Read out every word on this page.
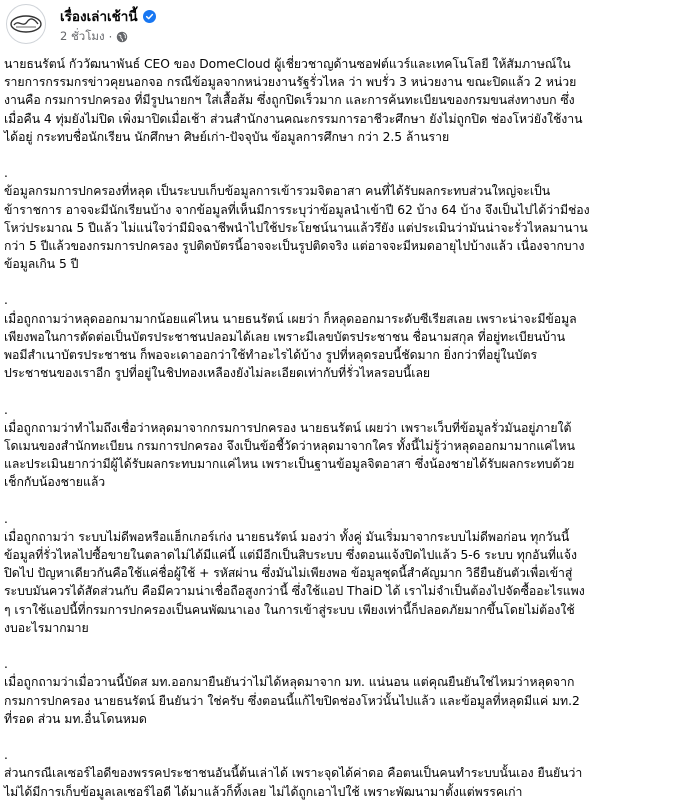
เรื่องเล่าเช้านี้
2 ชั่วโมง ·
นายธนรัตน์ กัววัฒนาพันธ์ CEO ของ DomeCloud ผู้เชี่ยวชาญด้านซอฟต์แวร์และเทคโนโลยี ให้สัมภาษณ์ใน
รายการกรรมกรข่าวคุยนอกจอ กรณีข้อมูลจากหน่วยงานรัฐรั่วไหล ว่า พบรั่ว 3 หน่วยงาน ขณะปิดแล้ว 2 หน่วย
งานคือ กรมการปกครอง ที่มีรูปนายกฯ ใส่เสื้อส้ม ซึ่งถูกปิดเร็วมาก และการค้นทะเบียนของกรมขนส่งทางบก ซึ่ง
เมื่อคืน 4 ทุ่มยังไม่ปิด เพิ่งมาปิดเมื่อเช้า ส่วนสำนักงานคณะกรรมการอาชีวะศึกษา ยังไม่ถูกปิด ช่องโหว่ยังใช้งาน
ได้อยู่ กระทบชื่อนักเรียน นักศึกษา ศิษย์เก่า-ปัจจุบัน ข้อมูลการศึกษา กว่า 2.5 ล้านราย

.
ข้อมูลกรมการปกครองที่หลุด เป็นระบบเก็บข้อมูลการเข้ารวมจิตอาสา คนที่ได้รับผลกระทบส่วนใหญ่จะเป็น
ข้าราชการ อาจจะมีนักเรียนบ้าง จากข้อมูลที่เห็นมีการระบุว่าข้อมูลนำเข้าปี 62 บ้าง 64 บ้าง จึงเป็นไปได้ว่ามีช่อง
โหว่ประมาณ 5 ปีแล้ว ไม่แน่ใจว่ามีมิจฉาชีพนำไปใช้ประโยชน์นานแล้วรึยัง แต่ประเมินว่ามันน่าจะรั่วไหลมานาน
กว่า 5 ปีแล้วของกรมการปกครอง รูปติดบัตรนี้อาจจะเป็นรูปติดจริง แต่อาจจะมีหมดอายุไปบ้างแล้ว เนื่องจากบาง
ข้อมูลเกิน 5 ปี

.
เมื่อถูกถามว่าหลุดออกมามากน้อยแค่ไหน นายธนรัตน์ เผยว่า ก็หลุดออกมาระดับซีเรียสเลย เพราะน่าจะมีข้อมูล
เพียงพอในการตัดต่อเป็นบัตรประชาชนปลอมได้เลย เพราะมีเลขบัตรประชาชน ชื่อนามสกุล ที่อยู่ทะเบียนบ้าน
พอมีสำเนาบัตรประชาชน ก็พอจะเดาออกว่าใช้ทำอะไรได้บ้าง รูปที่หลุดรอบนี้ชัดมาก ยิ่งกว่าที่อยู่ในบัตร
ประชาชนของเราอีก รูปที่อยู่ในชิปทองเหลืองยังไม่ละเอียดเท่ากับที่รั่วไหลรอบนี้เลย

.
เมื่อถูกถามว่าทำไมถึงเชื่อว่าหลุดมาจากกรมการปกครอง นายธนรัตน์ เผยว่า เพราะเว็บที่ข้อมูลรั่วมันอยู่ภายใต้
โดเมนของสำนักทะเบียน กรมการปกครอง จึงเป็นข้อชี้วัดว่าหลุดมาจากใคร ทั้งนี้ไม่รู้ว่าหลุดออกมามากแค่ไหน
และประเมินยากว่ามีผู้ได้รับผลกระทบมากแค่ไหน เพราะเป็นฐานข้อมูลจิตอาสา ซึ่งน้องชายได้รับผลกระทบด้วย
เช็กกับน้องชายแล้ว

.
เมื่อถูกถามว่า ระบบไม่ดีพอหรือแฮ็กเกอร์เก่ง นายธนรัตน์ มองว่า ทั้งคู่ มันเริ่มมาจากระบบไม่ดีพอก่อน ทุกวันนี้
ข้อมูลที่รั่วไหลไปซื้อขายในตลาดไม่ได้มีแค่นี้ แต่มีอีกเป็นสิบระบบ ซึ่งตอนแจ้งปิดไปแล้ว 5-6 ระบบ ทุกอันที่แจ้ง
ปิดไป ปัญหาเดียวกันคือใช้แค่ชื่อผู้ใช้ + รหัสผ่าน ซึ่งมันไม่เพียงพอ ข้อมูลชุดนี้สำคัญมาก วิธียืนยันตัวเพื่อเข้าสู่
ระบบมันควรได้สัดส่วนกับ คือมีความน่าเชื่อถือสูงกว่านี้ ซึ่งใช้แอป ThaiD ได้ เราไม่จำเป็นต้องไปจัดซื้ออะไรแพง
ๆ เราใช้แอปนี้ที่กรมการปกครองเป็นคนพัฒนาเอง ในการเข้าสู่ระบบ เพียงเท่านี้ก็ปลอดภัยมากขึ้นโดยไม่ต้องใช้
งบอะไรมากมาย

.
เมื่อถูกถามว่าเมื่อวานนี้บัดส มท.ออกมายืนยันว่าไม่ได้หลุดมาจาก มท. แน่นอน แต่คุณยืนยันใช่ไหมว่าหลุดจาก
กรมการปกครอง นายธนรัตน์ ยืนยันว่า ใช่ครับ ซึ่งตอนนี้แก้ไขปิดช่องโหว่นั้นไปแล้ว และข้อมูลที่หลุดมีแค่ มท.2
ที่รอด ส่วน มท.อื่นโดนหมด

.
ส่วนกรณีเลเซอร์ไอดีของพรรคประชาชนอันนี้ต้นเล่าได้ เพราะจุดได้ค่าดอ คือตนเป็นคนทำระบบนั้นเอง ยืนยันว่า
ไม่ได้มีการเก็บข้อมูลเลเซอร์ไอดี ได้มาแล้วก็ทิ้งเลย ไม่ได้ถูกเอาไปใช้ เพราะพัฒนามาตั้งแต่พรรคเก่า
